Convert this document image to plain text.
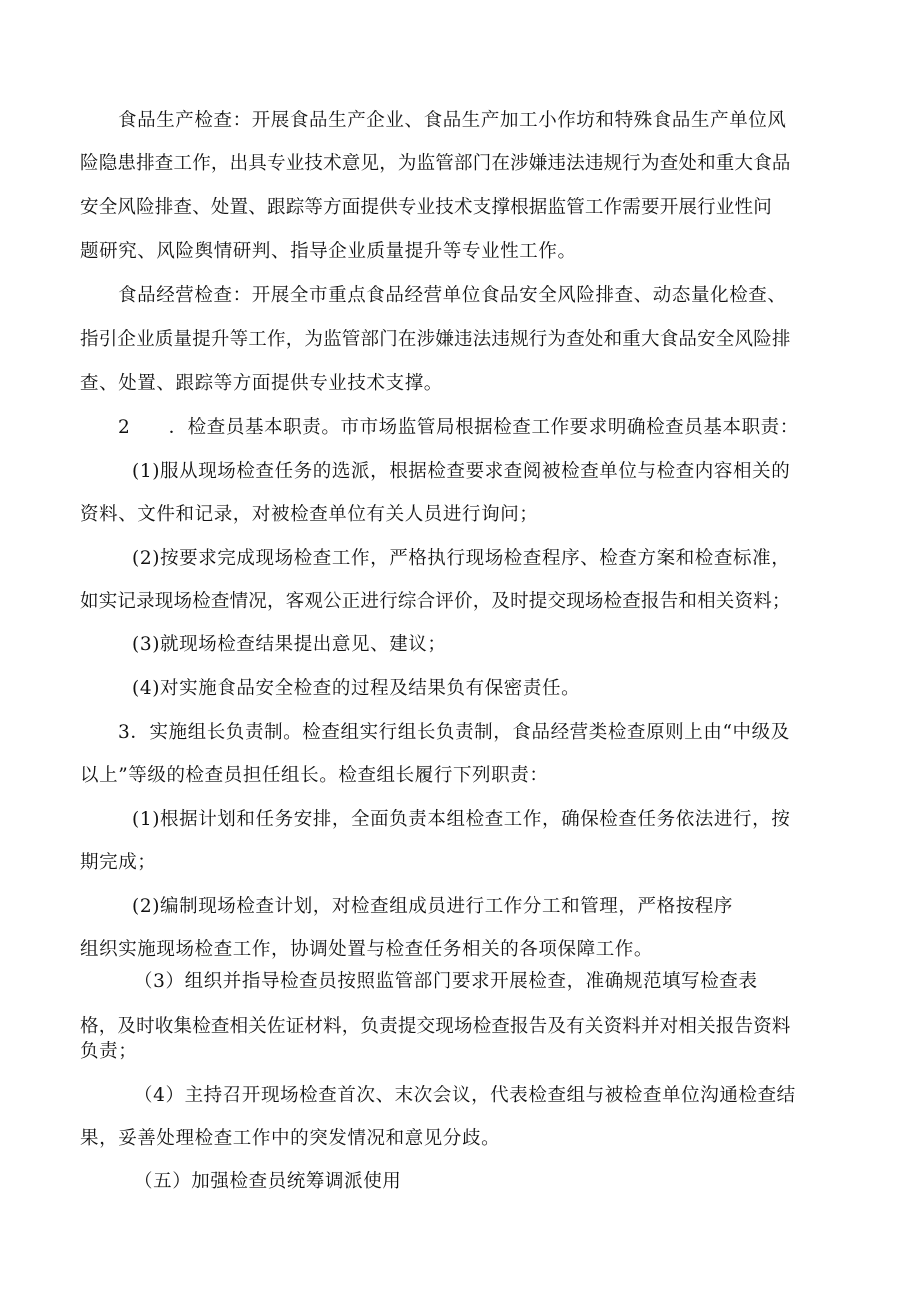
食品生产检查：开展食品生产企业、食品生产加工小作坊和特殊食品生产单位风
险隐患排查工作，出具专业技术意见，为监管部门在涉嫌违法违规行为查处和重大食品
安全风险排查、处置、跟踪等方面提供专业技术支撑根据监管工作需要开展行业性问
题研究、风险舆情研判、指导企业质量提升等专业性工作。
食品经营检查：开展全市重点食品经营单位食品安全风险排查、动态量化检查、
指引企业质量提升等工作，为监管部门在涉嫌违法违规行为查处和重大食品安全风险排
查、处置、跟踪等方面提供专业技术支撑。
2　　．检查员基本职责。市市场监管局根据检查工作要求明确检查员基本职责：
(1)服从现场检查任务的选派，根据检查要求查阅被检查单位与检查内容相关的
资料、文件和记录，对被检查单位有关人员进行询问；
(2)按要求完成现场检查工作，严格执行现场检查程序、检查方案和检查标准，
如实记录现场检查情况，客观公正进行综合评价，及时提交现场检查报告和相关资料；
(3)就现场检查结果提出意见、建议；
(4)对实施食品安全检查的过程及结果负有保密责任。
3．实施组长负责制。检查组实行组长负责制，食品经营类检查原则上由“中级及
以上”等级的检查员担任组长。检查组长履行下列职责：
(1)根据计划和任务安排，全面负责本组检查工作，确保检查任务依法进行，按
期完成；
(2)编制现场检查计划，对检查组成员进行工作分工和管理，严格按程序
组织实施现场检查工作，协调处置与检查任务相关的各项保障工作。
（3）组织并指导检查员按照监管部门要求开展检查，准确规范填写检查表
格，及时收集检查相关佐证材料，负责提交现场检查报告及有关资料并对相关报告资料
负责；
（4）主持召开现场检查首次、末次会议，代表检查组与被检查单位沟通检查结
果，妥善处理检查工作中的突发情况和意见分歧。
（五）加强检查员统筹调派使用
